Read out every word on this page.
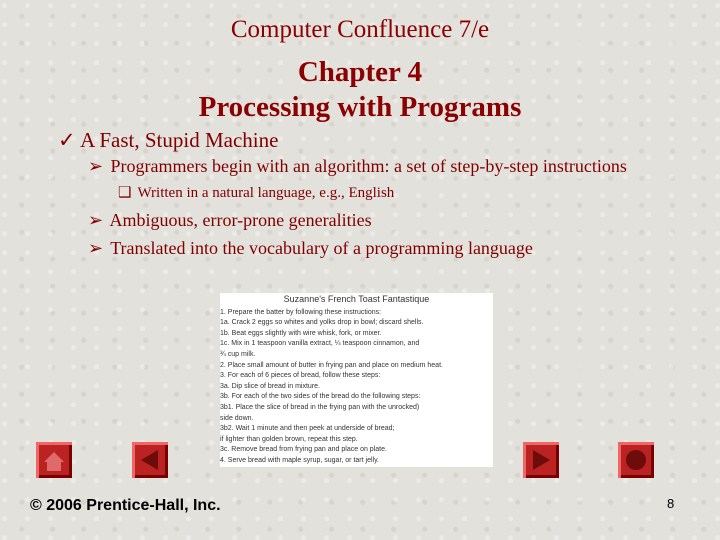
Computer Confluence 7/e
Chapter 4
Processing with Programs
✓ A Fast, Stupid Machine
➢ Programmers begin with an algorithm: a set of step-by-step instructions
❑ Written in a natural language, e.g., English
➢ Ambiguous, error-prone generalities
➢ Translated into the vocabulary of a programming language
Suzanne's French Toast Fantastique
1. Prepare the batter by following these instructions:
1a. Crack 2 eggs so whites and yolks drop in bowl; discard shells.
1b. Beat eggs slightly with wire whisk, fork, or mixer.
1c. Mix in 1 teaspoon vanilla extract, ¼ teaspoon cinnamon, and
¾ cup milk.
2. Place small amount of butter in frying pan and place on medium heat.
3. For each of 6 pieces of bread, follow these steps:
3a. Dip slice of bread in mixture.
3b. For each of the two sides of the bread do the following steps:
3b1. Place the slice of bread in the frying pan with the unrocked)
side down.
3b2. Wait 1 minute and then peek at underside of bread;
if lighter than golden brown, repeat this step.
3c. Remove bread from frying pan and place on plate.
4. Serve bread with maple syrup, sugar, or tart jelly.
© 2006 Prentice-Hall, Inc.	8
